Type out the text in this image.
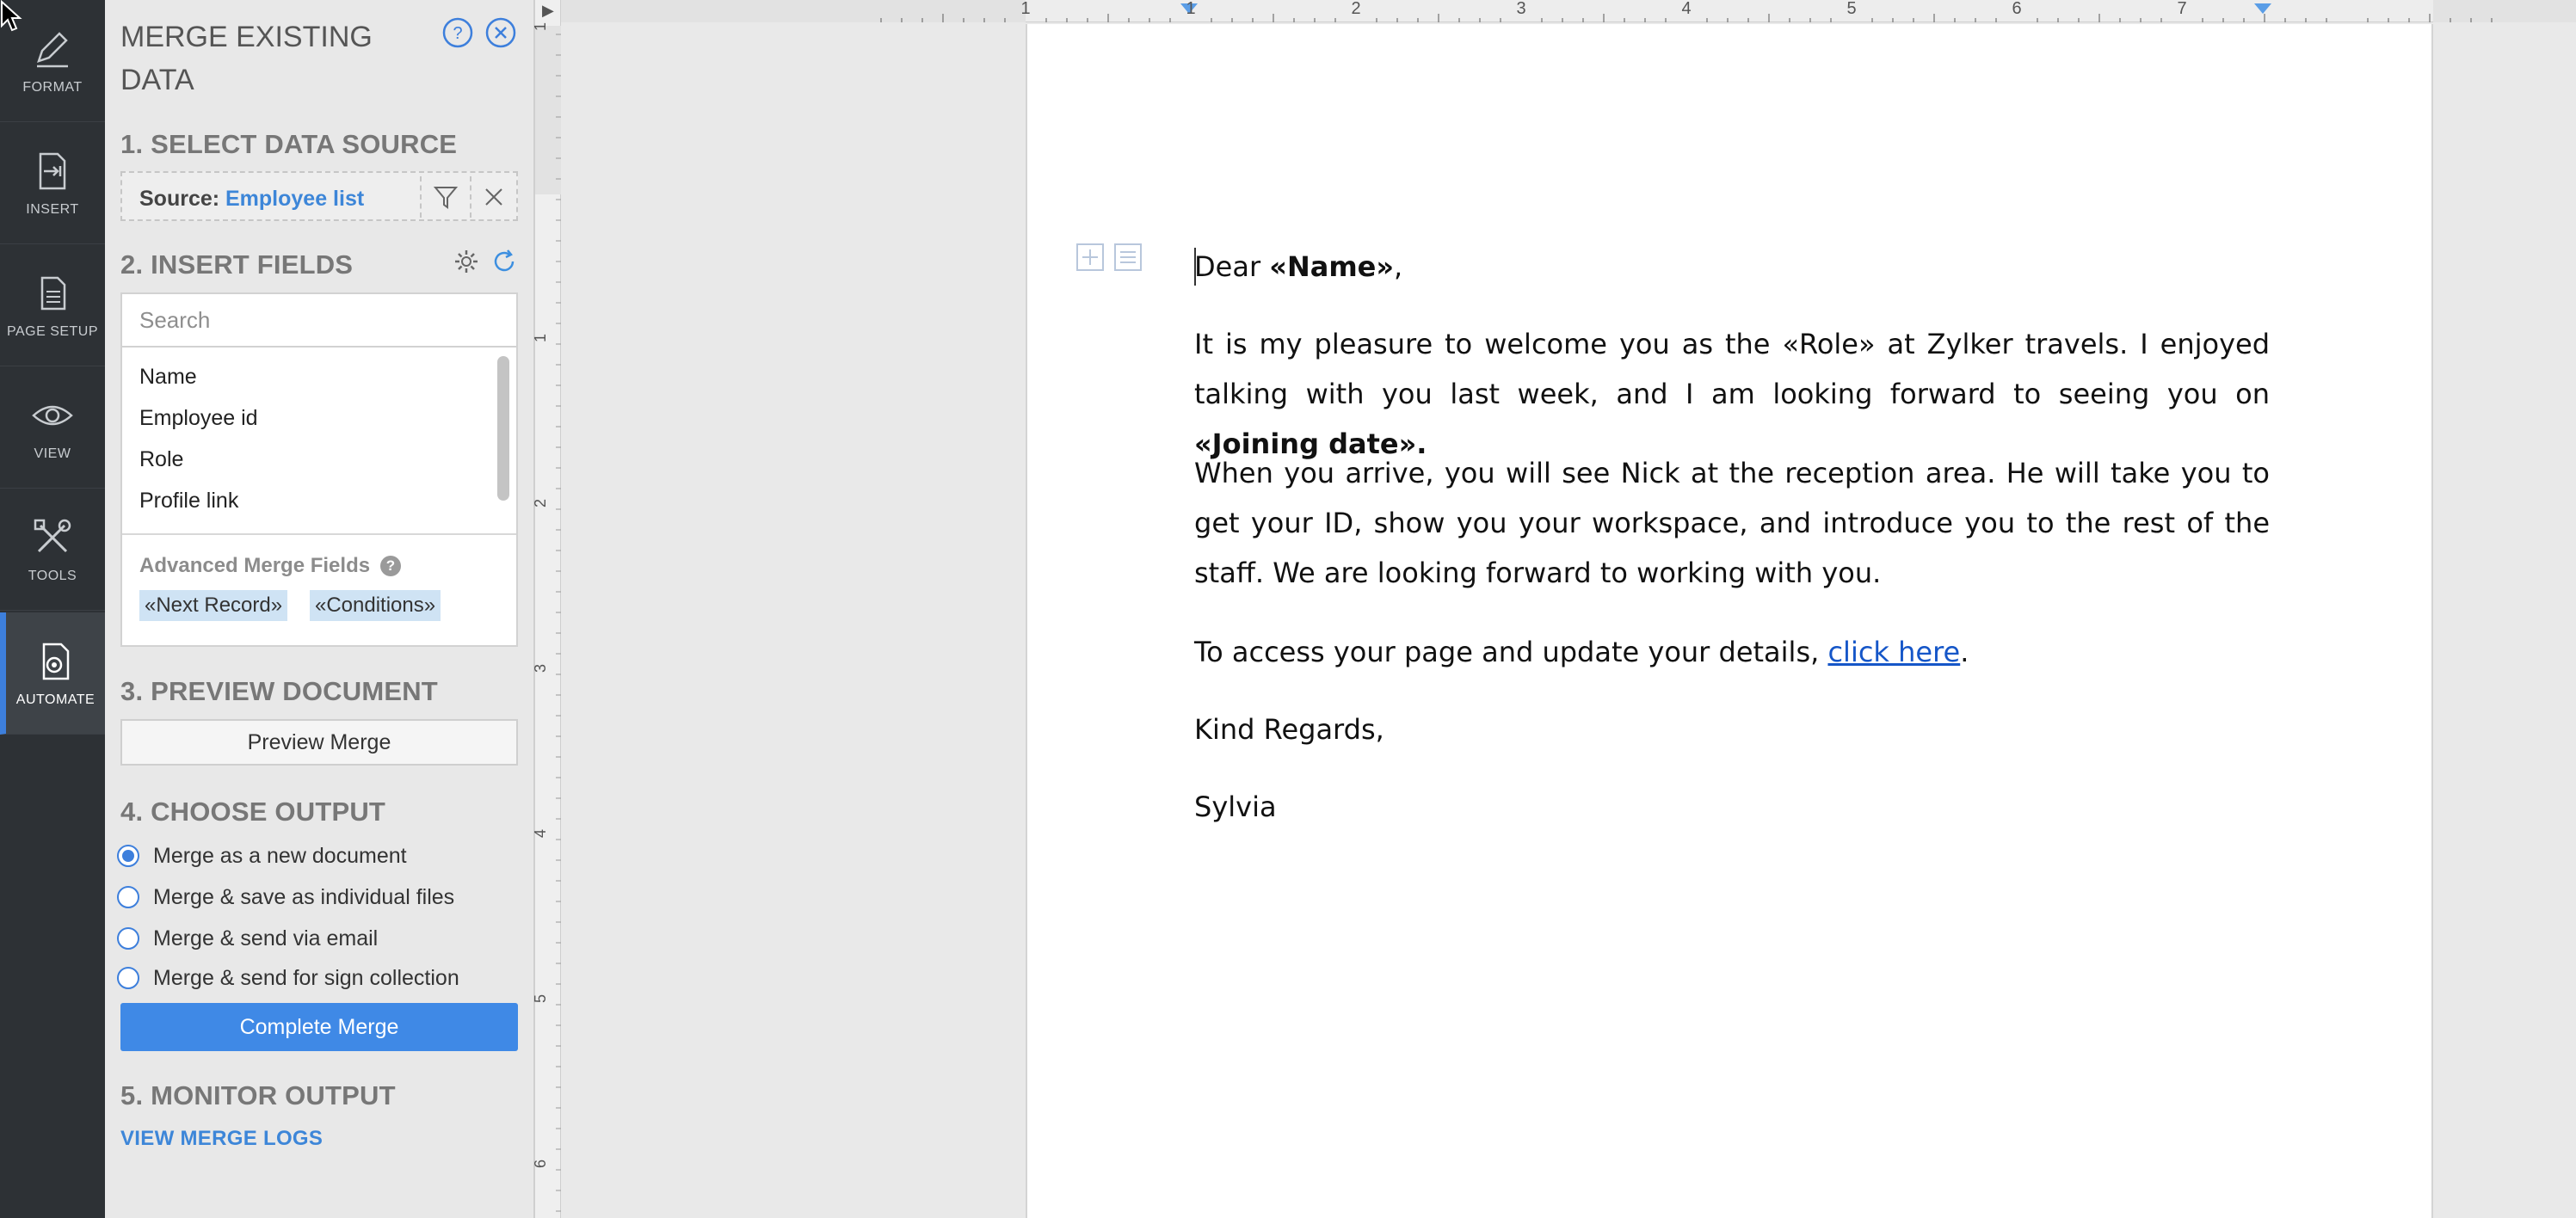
FORMAT
INSERT
PAGE SETUP
VIEW
TOOLS
AUTOMATE
MERGE EXISTING DATA
?
1. SELECT DATA SOURCE
Source: Employee list
2. INSERT FIELDS
Search
Name
Employee id
Role
Profile link
Advanced Merge Fields	?
«Next Record» «Conditions»
3. PREVIEW DOCUMENT
Preview Merge
4. CHOOSE OUTPUT
Merge as a new document
Merge & save as individual files
Merge & send via email
Merge & send for sign collection
Complete Merge
5. MONITOR OUTPUT
VIEW MERGE LOGS
▶
1
1
2
3
4
5
6
1	1	2	3	4	5	6	7

Dear «Name»,

It is my pleasure to welcome you as the «Role» at Zylker travels. I enjoyed talking with you last week, and I am looking forward to seeing you on «Joining date».

When you arrive, you will see Nick at the reception area. He will take you to get your ID, show you your workspace, and introduce you to the rest of the staff. We are looking forward to working with you.

To access your page and update your details, click here.

Kind Regards,

Sylvia
